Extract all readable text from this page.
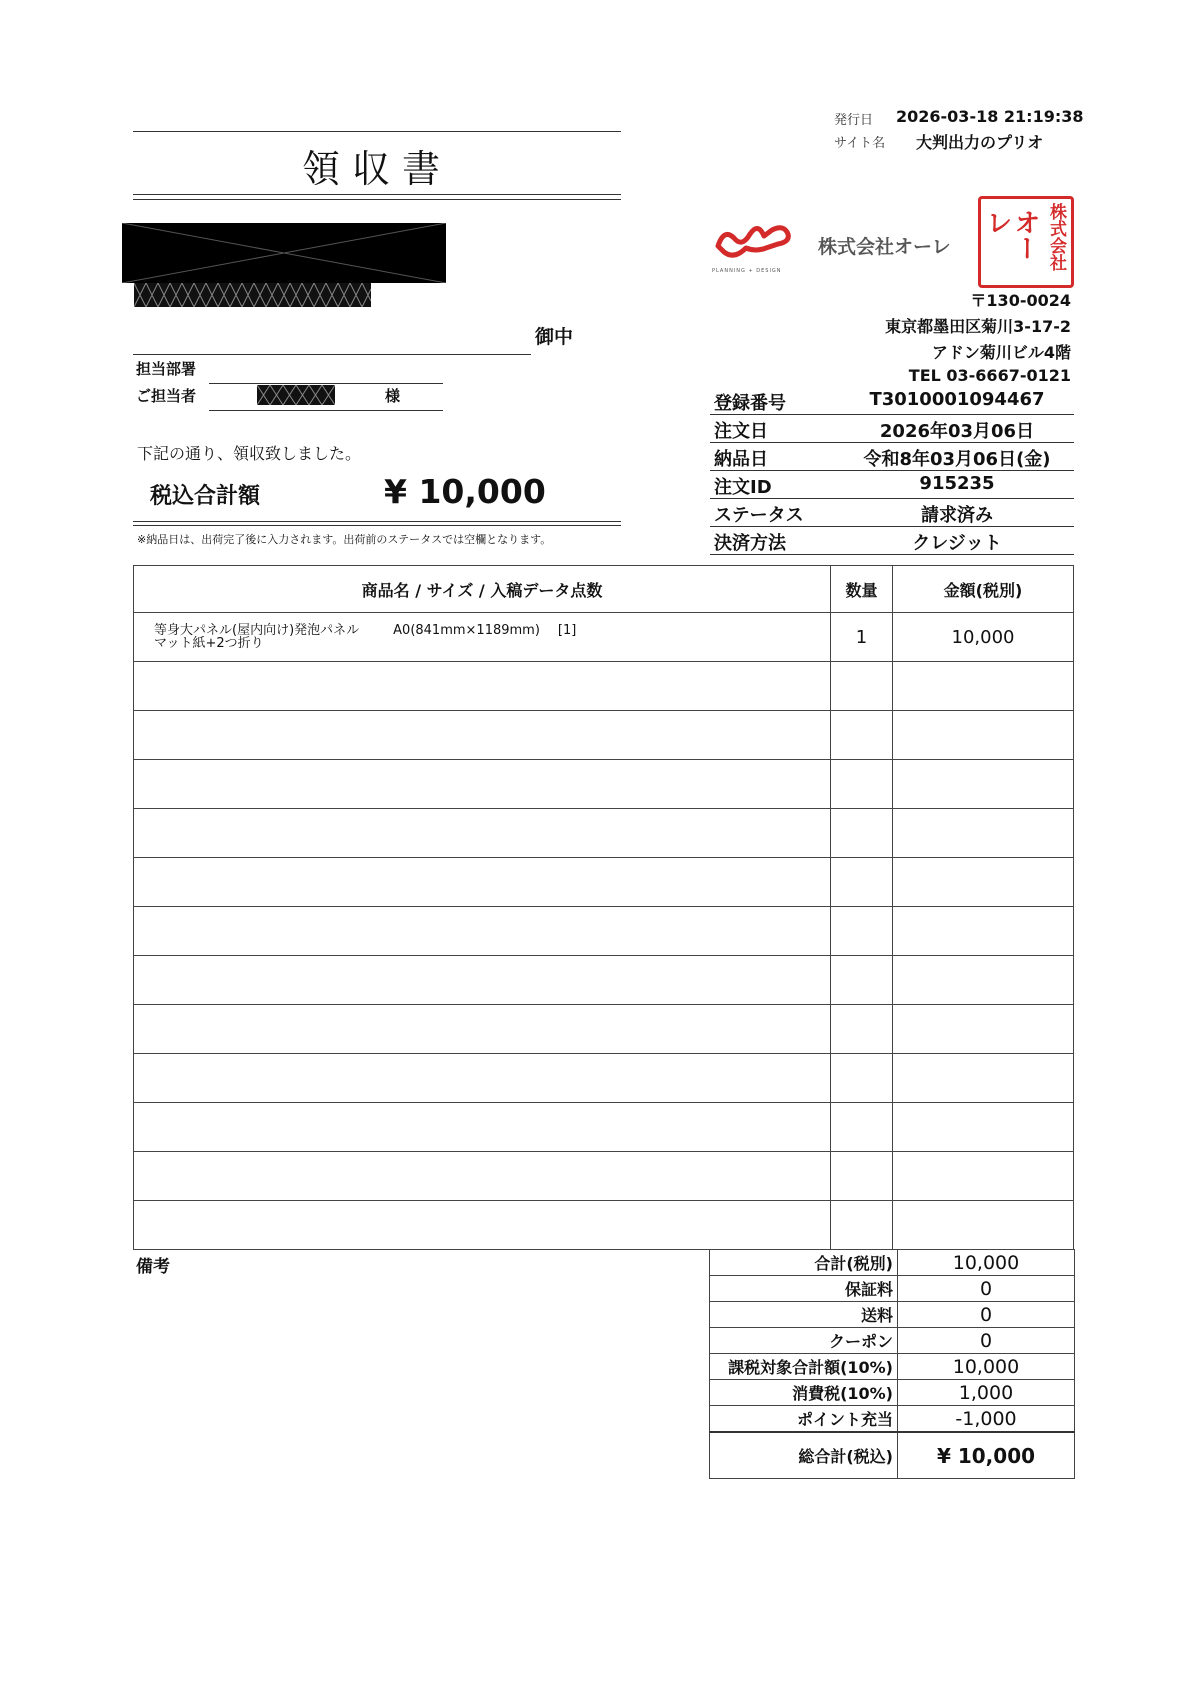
領収書
発行日 2026-03-18 21:19:38
サイト名 大判出力のプリオ
御中
担当部署
ご担当者	様
下記の通り、領収致しました。
税込合計額	¥ 10,000
※納品日は、出荷完了後に入力されます。出荷前のステータスでは空欄となります。
PLANNING + DESIGN
株式会社オーレ	株式会社
オーレ
〒130-0024
東京都墨田区菊川3-17-2
アドン菊川ビル4階
TEL 03-6667-0121
登録番号	T3010001094467
注文日	2026年03月06日
納品日	令和8年03月06日(金)
注文ID	915235
ステータス	請求済み
決済方法	クレジット
商品名 / サイズ / 入稿データ点数	数量	金額(税別)
等身大パネル(屋内向け)発泡パネル A0(841mm×1189mm) [1]
マット紙+2つ折り	1	10,000

備考	合計(税別)	10,000
保証料	0
送料	0
クーポン	0
課税対象合計額(10%)	10,000
消費税(10%)	1,000
ポイント充当	-1,000
総合計(税込)	¥ 10,000
